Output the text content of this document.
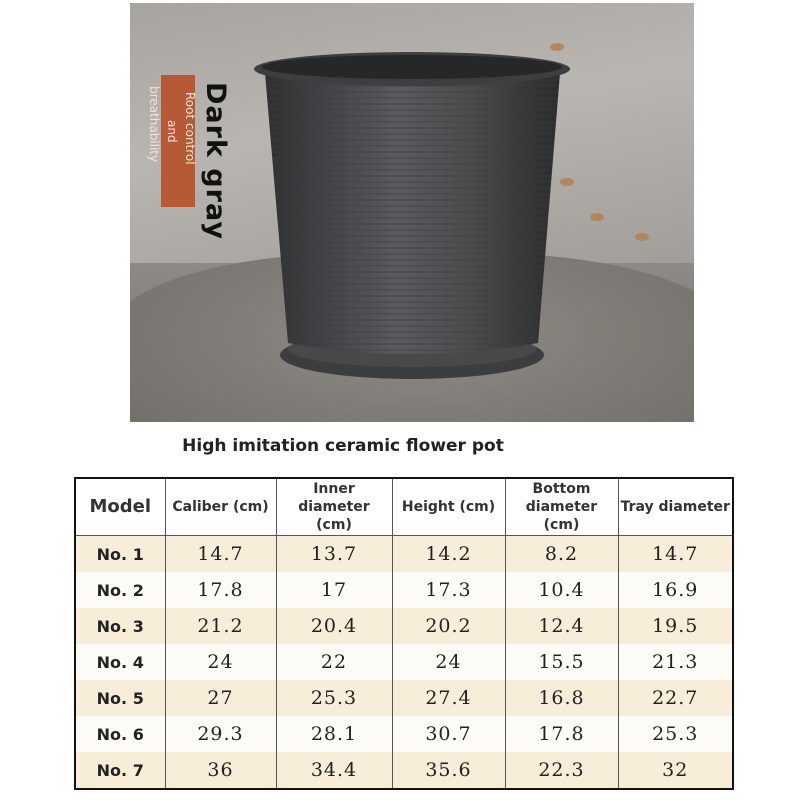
breathability and Root control Dark gray
High imitation ceramic flower pot
Model	Caliber (cm)	Inner diameter (cm)	Height (cm)	Bottom diameter (cm)	Tray diameter
No. 1	14.7	13.7	14.2	8.2	14.7
No. 2	17.8	17	17.3	10.4	16.9
No. 3	21.2	20.4	20.2	12.4	19.5
No. 4	24	22	24	15.5	21.3
No. 5	27	25.3	27.4	16.8	22.7
No. 6	29.3	28.1	30.7	17.8	25.3
No. 7	36	34.4	35.6	22.3	32
